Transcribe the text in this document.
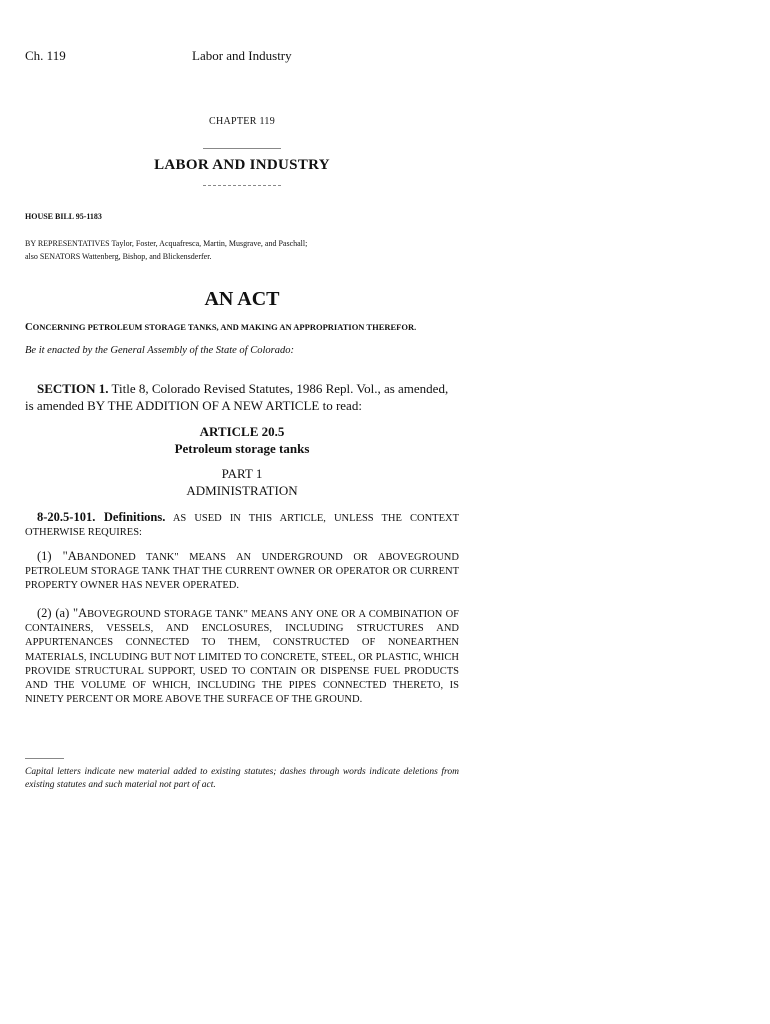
Ch. 119	Labor and Industry
CHAPTER 119
LABOR AND INDUSTRY
HOUSE BILL 95-1183
BY REPRESENTATIVES Taylor, Foster, Acquafresca, Martin, Musgrave, and Paschall;
also SENATORS Wattenberg, Bishop, and Blickensderfer.
AN ACT
CONCERNING PETROLEUM STORAGE TANKS, AND MAKING AN APPROPRIATION THEREFOR.
Be it enacted by the General Assembly of the State of Colorado:
SECTION 1. Title 8, Colorado Revised Statutes, 1986 Repl. Vol., as amended, is amended BY THE ADDITION OF A NEW ARTICLE to read:
ARTICLE 20.5
Petroleum storage tanks
PART 1
ADMINISTRATION
8-20.5-101. Definitions. AS USED IN THIS ARTICLE, UNLESS THE CONTEXT OTHERWISE REQUIRES:
(1) "ABANDONED TANK" MEANS AN UNDERGROUND OR ABOVEGROUND PETROLEUM STORAGE TANK THAT THE CURRENT OWNER OR OPERATOR OR CURRENT PROPERTY OWNER HAS NEVER OPERATED.
(2) (a) "ABOVEGROUND STORAGE TANK" MEANS ANY ONE OR A COMBINATION OF CONTAINERS, VESSELS, AND ENCLOSURES, INCLUDING STRUCTURES AND APPURTENANCES CONNECTED TO THEM, CONSTRUCTED OF NONEARTHEN MATERIALS, INCLUDING BUT NOT LIMITED TO CONCRETE, STEEL, OR PLASTIC, WHICH PROVIDE STRUCTURAL SUPPORT, USED TO CONTAIN OR DISPENSE FUEL PRODUCTS AND THE VOLUME OF WHICH, INCLUDING THE PIPES CONNECTED THERETO, IS NINETY PERCENT OR MORE ABOVE THE SURFACE OF THE GROUND.
Capital letters indicate new material added to existing statutes; dashes through words indicate deletions from existing statutes and such material not part of act.
